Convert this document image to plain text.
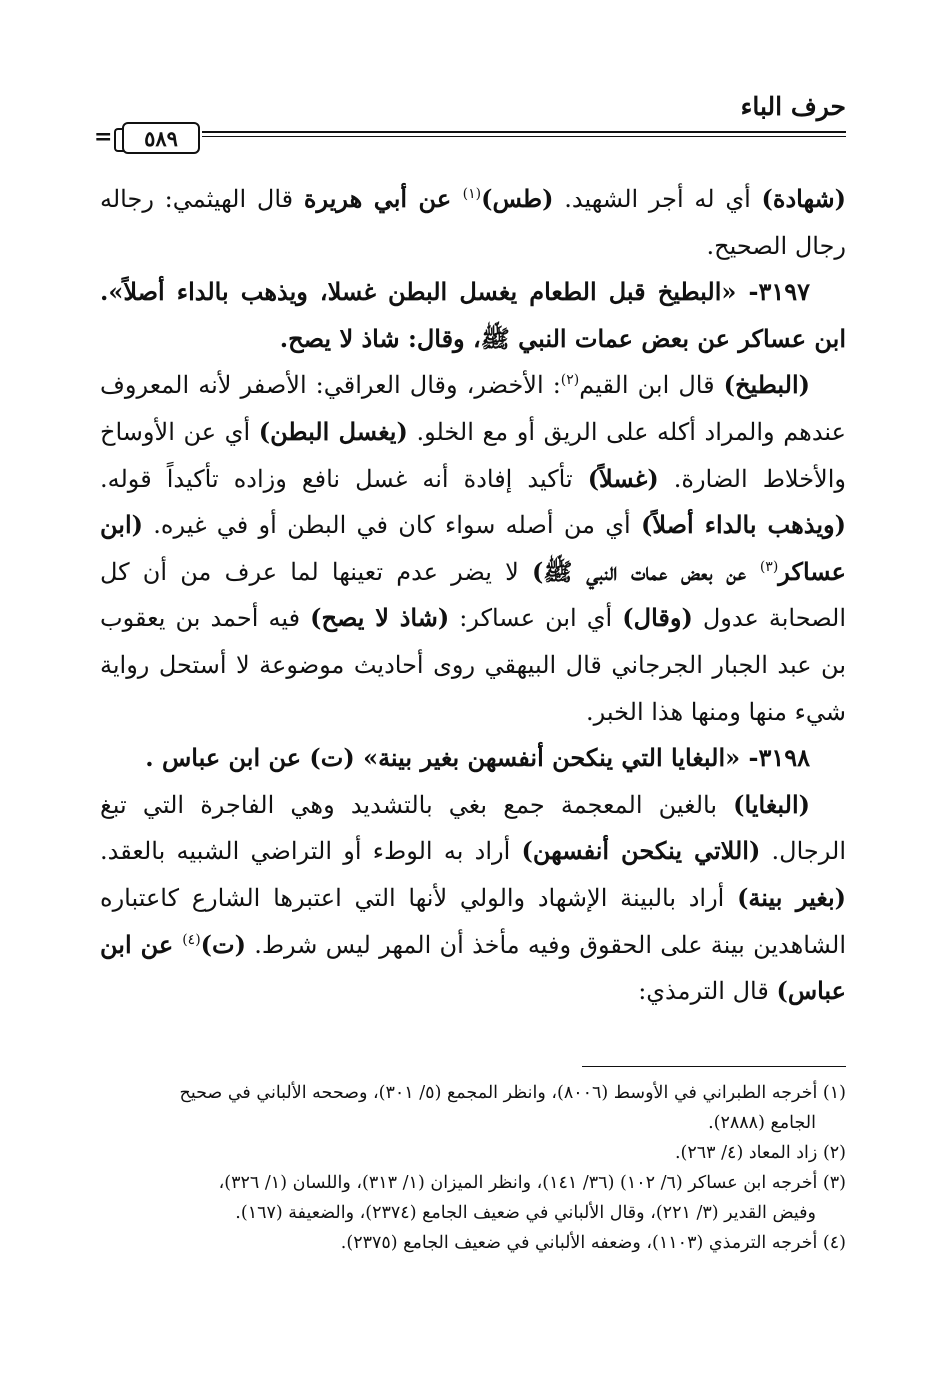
حرف الباء
= ٥٨٩

(شهادة) أي له أجر الشهيد. (طس)$^{(١)}$ عن أبي هريرة قال الهيثمي: رجاله رجال الصحيح.

٣١٩٧- «البطيخ قبل الطعام يغسل البطن غسلا، ويذهب بالداء أصلاً». ابن عساكر عن بعض عمات النبي ﷺ، وقال: شاذ لا يصح.

(البطيخ) قال ابن القيم$^{(٢)}$: الأخضر، وقال العراقي: الأصفر لأنه المعروف عندهم والمراد أكله على الريق أو مع الخلو. (يغسل البطن) أي عن الأوساخ والأخلاط الضارة. (غسلاً) تأكيد إفادة أنه غسل نافع وزاده تأكيداً قوله. (ويذهب بالداء أصلاً) أي من أصله سواء كان في البطن أو في غيره. (ابن عساكر$^{(٣)}$ عن بعض عمات النبي ﷺ) لا يضر عدم تعينها لما عرف من أن كل الصحابة عدول (وقال) أي ابن عساكر: (شاذ لا يصح) فيه أحمد بن يعقوب بن عبد الجبار الجرجاني قال البيهقي روى أحاديث موضوعة لا أستحل رواية شيء منها ومنها هذا الخبر.

٣١٩٨- «البغايا التي ينكحن أنفسهن بغير بينة» (ت) عن ابن عباس .

(البغايا) بالغين المعجمة جمع بغي بالتشديد وهي الفاجرة التي تبغ الرجال. (اللاتي ينكحن أنفسهن) أراد به الوطء أو التراضي الشبيه بالعقد. (بغير بينة) أراد بالبينة الإشهاد والولي لأنها التي اعتبرها الشارع كاعتباره الشاهدين بينة على الحقوق وفيه مأخذ أن المهر ليس شرط. (ت)$^{(٤)}$ عن ابن عباس) قال الترمذي:

(١) أخرجه الطبراني في الأوسط (٨٠٠٦)، وانظر المجمع (٥/ ٣٠١)، وصححه الألباني في صحيح

الجامع (٢٨٨٨).

(٢) زاد المعاد (٤/ ٢٦٣).

(٣) أخرجه ابن عساكر (٦/ ١٠٢) (٣٦/ ١٤١)، وانظر الميزان (١/ ٣١٣)، واللسان (١/ ٣٢٦)،

وفيض القدير (٣/ ٢٢١)، وقال الألباني في ضعيف الجامع (٢٣٧٤)، والضعيفة (١٦٧).

(٤) أخرجه الترمذي (١١٠٣)، وضعفه الألباني في ضعيف الجامع (٢٣٧٥).
